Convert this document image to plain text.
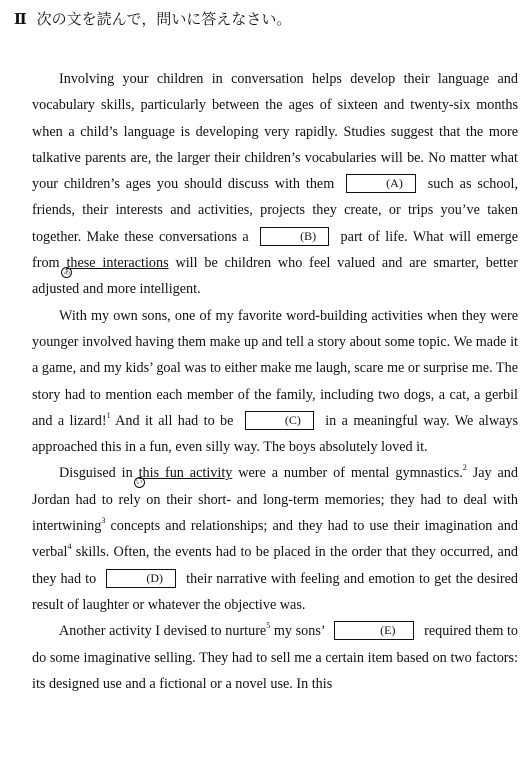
Ⅱ 次の文を読んで，問いに答えなさい。

Involving your children in conversation helps develop their language and vocabulary skills, particularly between the ages of sixteen and twenty-six months when a child’s language is developing very rapidly. Studies suggest that the more talkative parents are, the larger their children’s vocabularies will be. No matter what your children’s ages you should discuss with them	(A) such as school, friends, their interests and activities, projects they create, or trips you’ve taken together. Make these conversations a	(B) part of life. What will emerge from
あ
these interactions will be children who feel valued and are smarter, better adjusted and more intelligent.

With my own sons, one of my favorite word-building activities when they were younger involved having them make up and tell a story about some topic. We made it a game, and my kids’ goal was to either make me laugh, scare me or surprise me. The story had to mention each member of the family, including two dogs, a cat, a gerbil and a lizard!$^1$ And it all had to be	(C) in a meaningful way. We always approached this in a fun, even silly way. The boys absolutely loved it.

Disguised in
い
this fun activity were a number of mental gymnastics.$^2$ Jay and Jordan had to rely on their short- and long-term memories; they had to deal with intertwining$^3$ concepts and relationships; and they had to use their imagination and verbal$^4$ skills. Often, the events had to be placed in the order that they occurred, and they had to	(D) their narrative with feeling and emotion to get the desired result of laughter or whatever the objective was.

Another activity I devised to nurture$^5$ my sons’	(E) required them to do some imaginative selling. They had to sell me a certain item based on two factors: its designed use and a fictional or a novel use. In this
